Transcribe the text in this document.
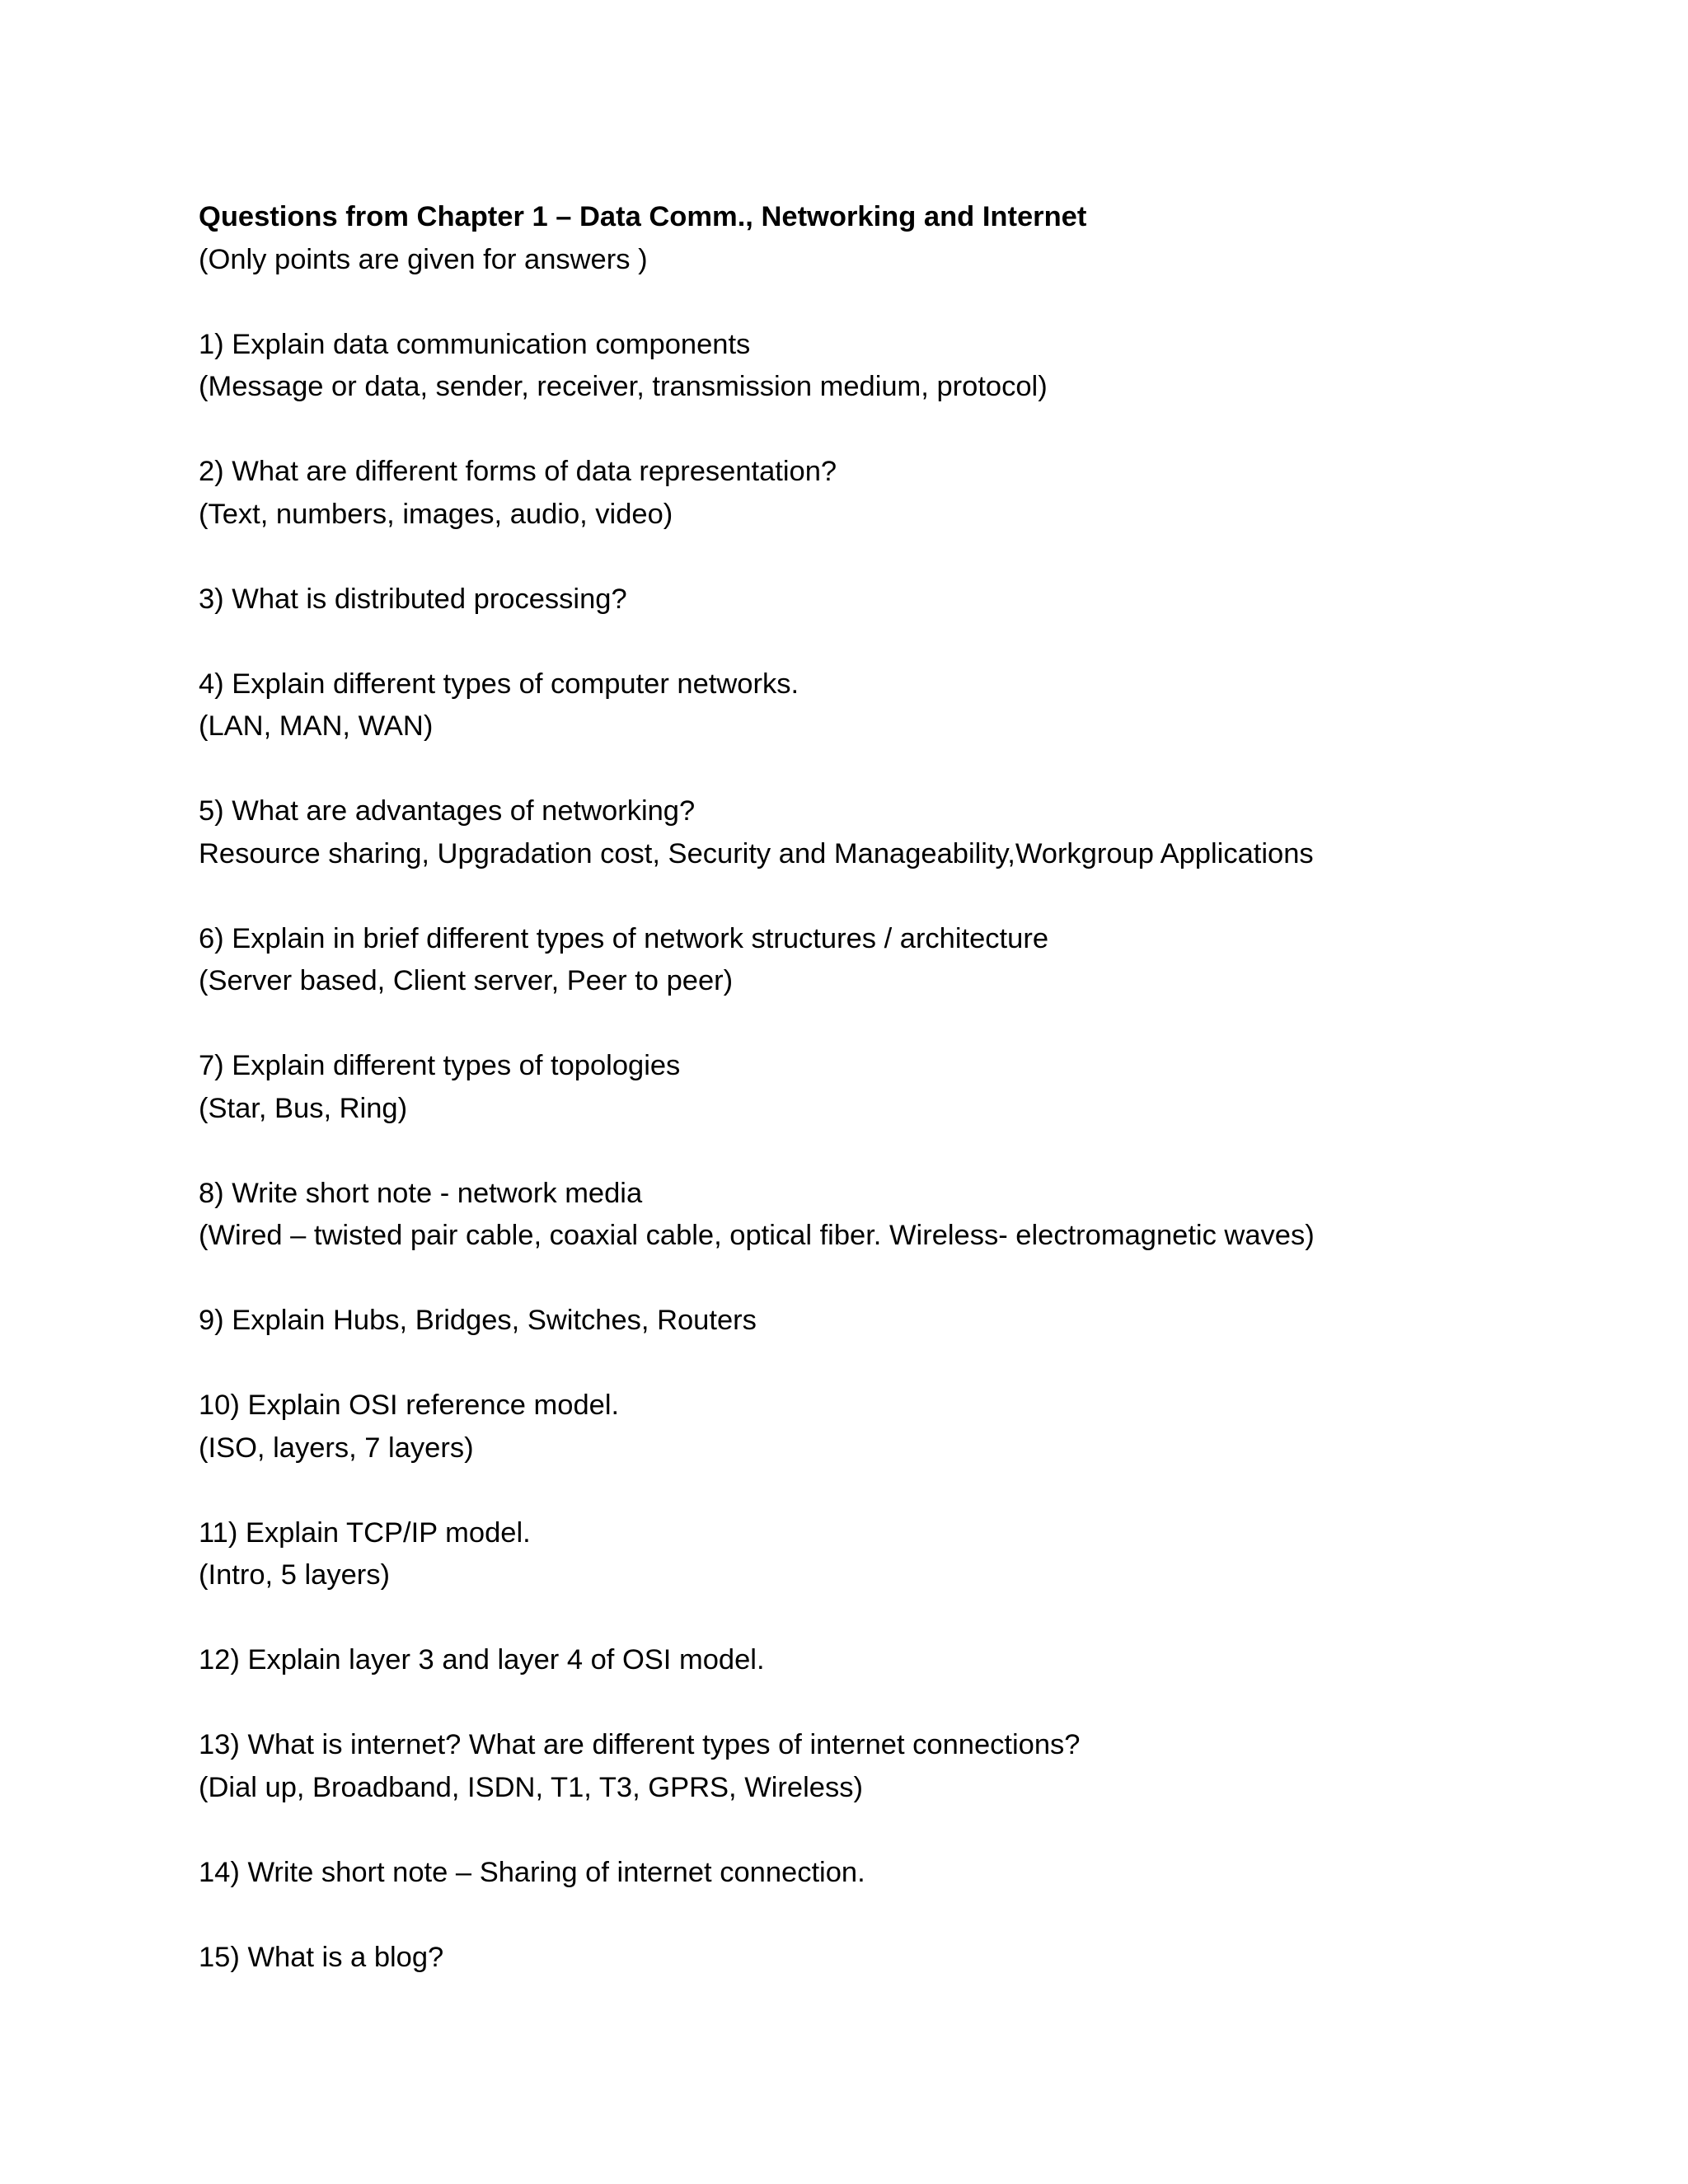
Questions from Chapter 1 – Data Comm., Networking and Internet
(Only points are given for answers )
1) Explain data communication components
(Message or data, sender, receiver, transmission medium, protocol)
2) What are different forms of data representation?
(Text, numbers, images, audio, video)
3) What is distributed processing?
4) Explain different types of computer networks.
(LAN, MAN, WAN)
5) What are advantages of networking?
Resource sharing, Upgradation cost, Security and Manageability,Workgroup Applications
6) Explain in brief different types of network structures / architecture
(Server based, Client server, Peer to peer)
7) Explain different types of topologies
(Star, Bus, Ring)
8) Write short note - network media
(Wired – twisted pair cable, coaxial cable, optical fiber. Wireless- electromagnetic waves)
9) Explain Hubs, Bridges, Switches, Routers
10) Explain OSI reference model.
(ISO, layers, 7 layers)
11) Explain TCP/IP model.
(Intro, 5 layers)
12) Explain layer 3 and layer 4 of OSI model.
13) What is internet? What are different types of internet connections?
(Dial up, Broadband, ISDN, T1, T3, GPRS, Wireless)
14) Write short note – Sharing of internet connection.
15) What is a blog?
